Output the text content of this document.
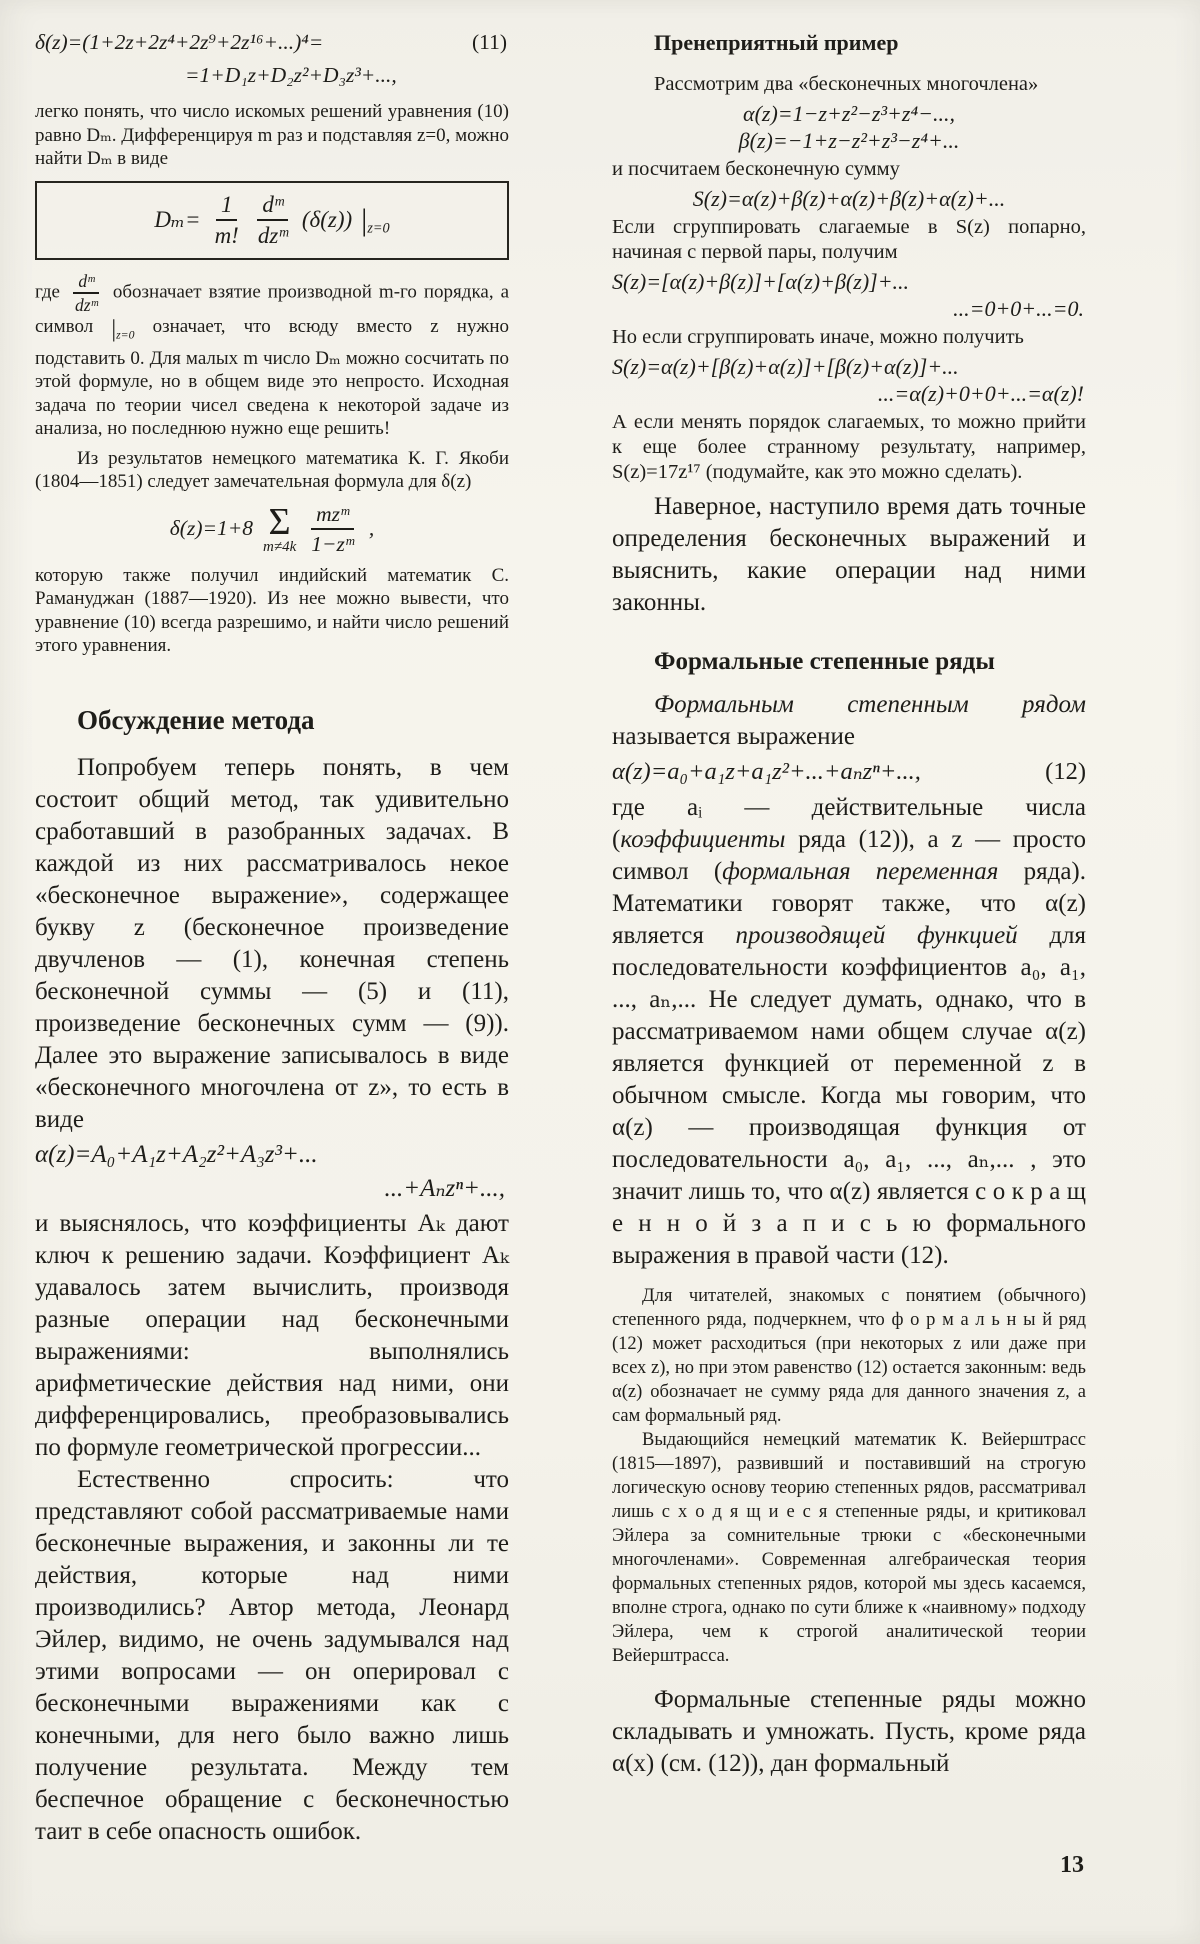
δ(z)=(1+2z+2z⁴+2z⁹+2z¹⁶+...)⁴=	(11)
=1+D₁z+D₂z²+D₃z³+...,

легко понять, что число искомых решений уравнения (10) равно Dₘ. Дифференцируя m раз и подставляя z=0, можно найти Dₘ в виде

$D_m= \frac{1}{m!} \frac{\text{dᵐ}}{\text{dzᵐ}} (\delta(z))$ $|_{z=0}$

где $\frac{\text{dᵐ}}{\text{dzᵐ}}$ обозначает взятие производной m-го порядка, а символ $|_{z=0}$ означает, что всюду вместо z нужно подставить 0. Для малых m число Dₘ можно сосчитать по этой формуле, но в общем виде это непросто. Исходная задача по теории чисел сведена к некоторой задаче из анализа, но последнюю нужно еще решить!

Из результатов немецкого математика К. Г. Якоби (1804—1851) следует замечательная формула для δ(z)

δ(z)=1+8 Σ
$m\ne 4k \frac{\text{mzᵐ}}{\text{1−zᵐ}}$ ,

которую также получил индийский математик С. Рамануджан (1887—1920). Из нее можно вывести, что уравнение (10) всегда разрешимо, и найти число решений этого уравнения.

Обсуждение метода

Попробуем теперь понять, в чем состоит общий метод, так удивительно сработавший в разобранных задачах. В каждой из них рассматривалось некое «бесконечное выражение», содержащее букву z (бесконечное произведение двучленов — (1), конечная степень бесконечной суммы — (5) и (11), произведение бесконечных сумм — (9)). Далее это выражение записывалось в виде «бесконечного многочлена от z», то есть в виде

α(z)=A₀+A₁z+A₂z²+A₃z³+...
...+Aₙzⁿ+...,

и выяснялось, что коэффициенты Aₖ дают ключ к решению задачи. Коэффициент Aₖ удавалось затем вычислить, производя разные операции над бесконечными выражениями: выполнялись арифметические действия над ними, они дифференцировались, преобразовывались по формуле геометрической прогрессии...

Естественно спросить: что представляют собой рассматриваемые нами бесконечные выражения, и законны ли те действия, которые над ними производились? Автор метода, Леонард Эйлер, видимо, не очень задумывался над этими вопросами — он оперировал с бесконечными выражениями как с конечными, для него было важно лишь получение результата. Между тем беспечное обращение с бесконечностью таит в себе опасность ошибок.

Пренеприятный пример

Рассмотрим два «бесконечных многочлена»

α(z)=1−z+z²−z³+z⁴−...,
β(z)=−1+z−z²+z³−z⁴+...

и посчитаем бесконечную сумму

S(z)=α(z)+β(z)+α(z)+β(z)+α(z)+...

Если сгруппировать слагаемые в S(z) попарно, начиная с первой пары, получим

S(z)=[α(z)+β(z)]+[α(z)+β(z)]+...
...=0+0+...=0.

Но если сгруппировать иначе, можно получить

S(z)=α(z)+[β(z)+α(z)]+[β(z)+α(z)]+...
...=α(z)+0+0+...=α(z)!

А если менять порядок слагаемых, то можно прийти к еще более странному результату, например, S(z)=17z¹⁷ (подумайте, как это можно сделать).

Наверное, наступило время дать точные определения бесконечных выражений и выяснить, какие операции над ними законны.

Формальные степенные ряды

Формальным степенным рядом называется выражение

α(z)=a₀+a₁z+a₁z²+...+aₙzⁿ+...,	(12)

где aᵢ — действительные числа (коэффициенты ряда (12)), а z — просто символ (формальная переменная ряда). Математики говорят также, что α(z) является производящей функцией для последовательности коэффициентов a₀, a₁, ..., aₙ,... Не следует думать, однако, что в рассматриваемом нами общем случае α(z) является функцией от переменной z в обычном смысле. Когда мы говорим, что α(z) — производящая функция от последовательности a₀, a₁, ..., aₙ,... , это значит лишь то, что α(z) является с о к р а щ е н н о й з а п и с ь ю формального выражения в правой части (12).

Для читателей, знакомых с понятием (обычного) степенного ряда, подчеркнем, что ф о р м а л ь н ы й ряд (12) может расходиться (при некоторых z или даже при всех z), но при этом равенство (12) остается законным: ведь α(z) обозначает не сумму ряда для данного значения z, а сам формальный ряд.

Выдающийся немецкий математик К. Вейерштрасс (1815—1897), развивший и поставивший на строгую логическую основу теорию степенных рядов, рассматривал лишь с х о д я щ и е с я степенные ряды, и критиковал Эйлера за сомнительные трюки с «бесконечными многочленами». Современная алгебраическая теория формальных степенных рядов, которой мы здесь касаемся, вполне строга, однако по сути ближе к «наивному» подходу Эйлера, чем к строгой аналитической теории Вейерштрасса.

Формальные степенные ряды можно складывать и умножать. Пусть, кроме ряда α(x) (см. (12)), дан формальный

13
